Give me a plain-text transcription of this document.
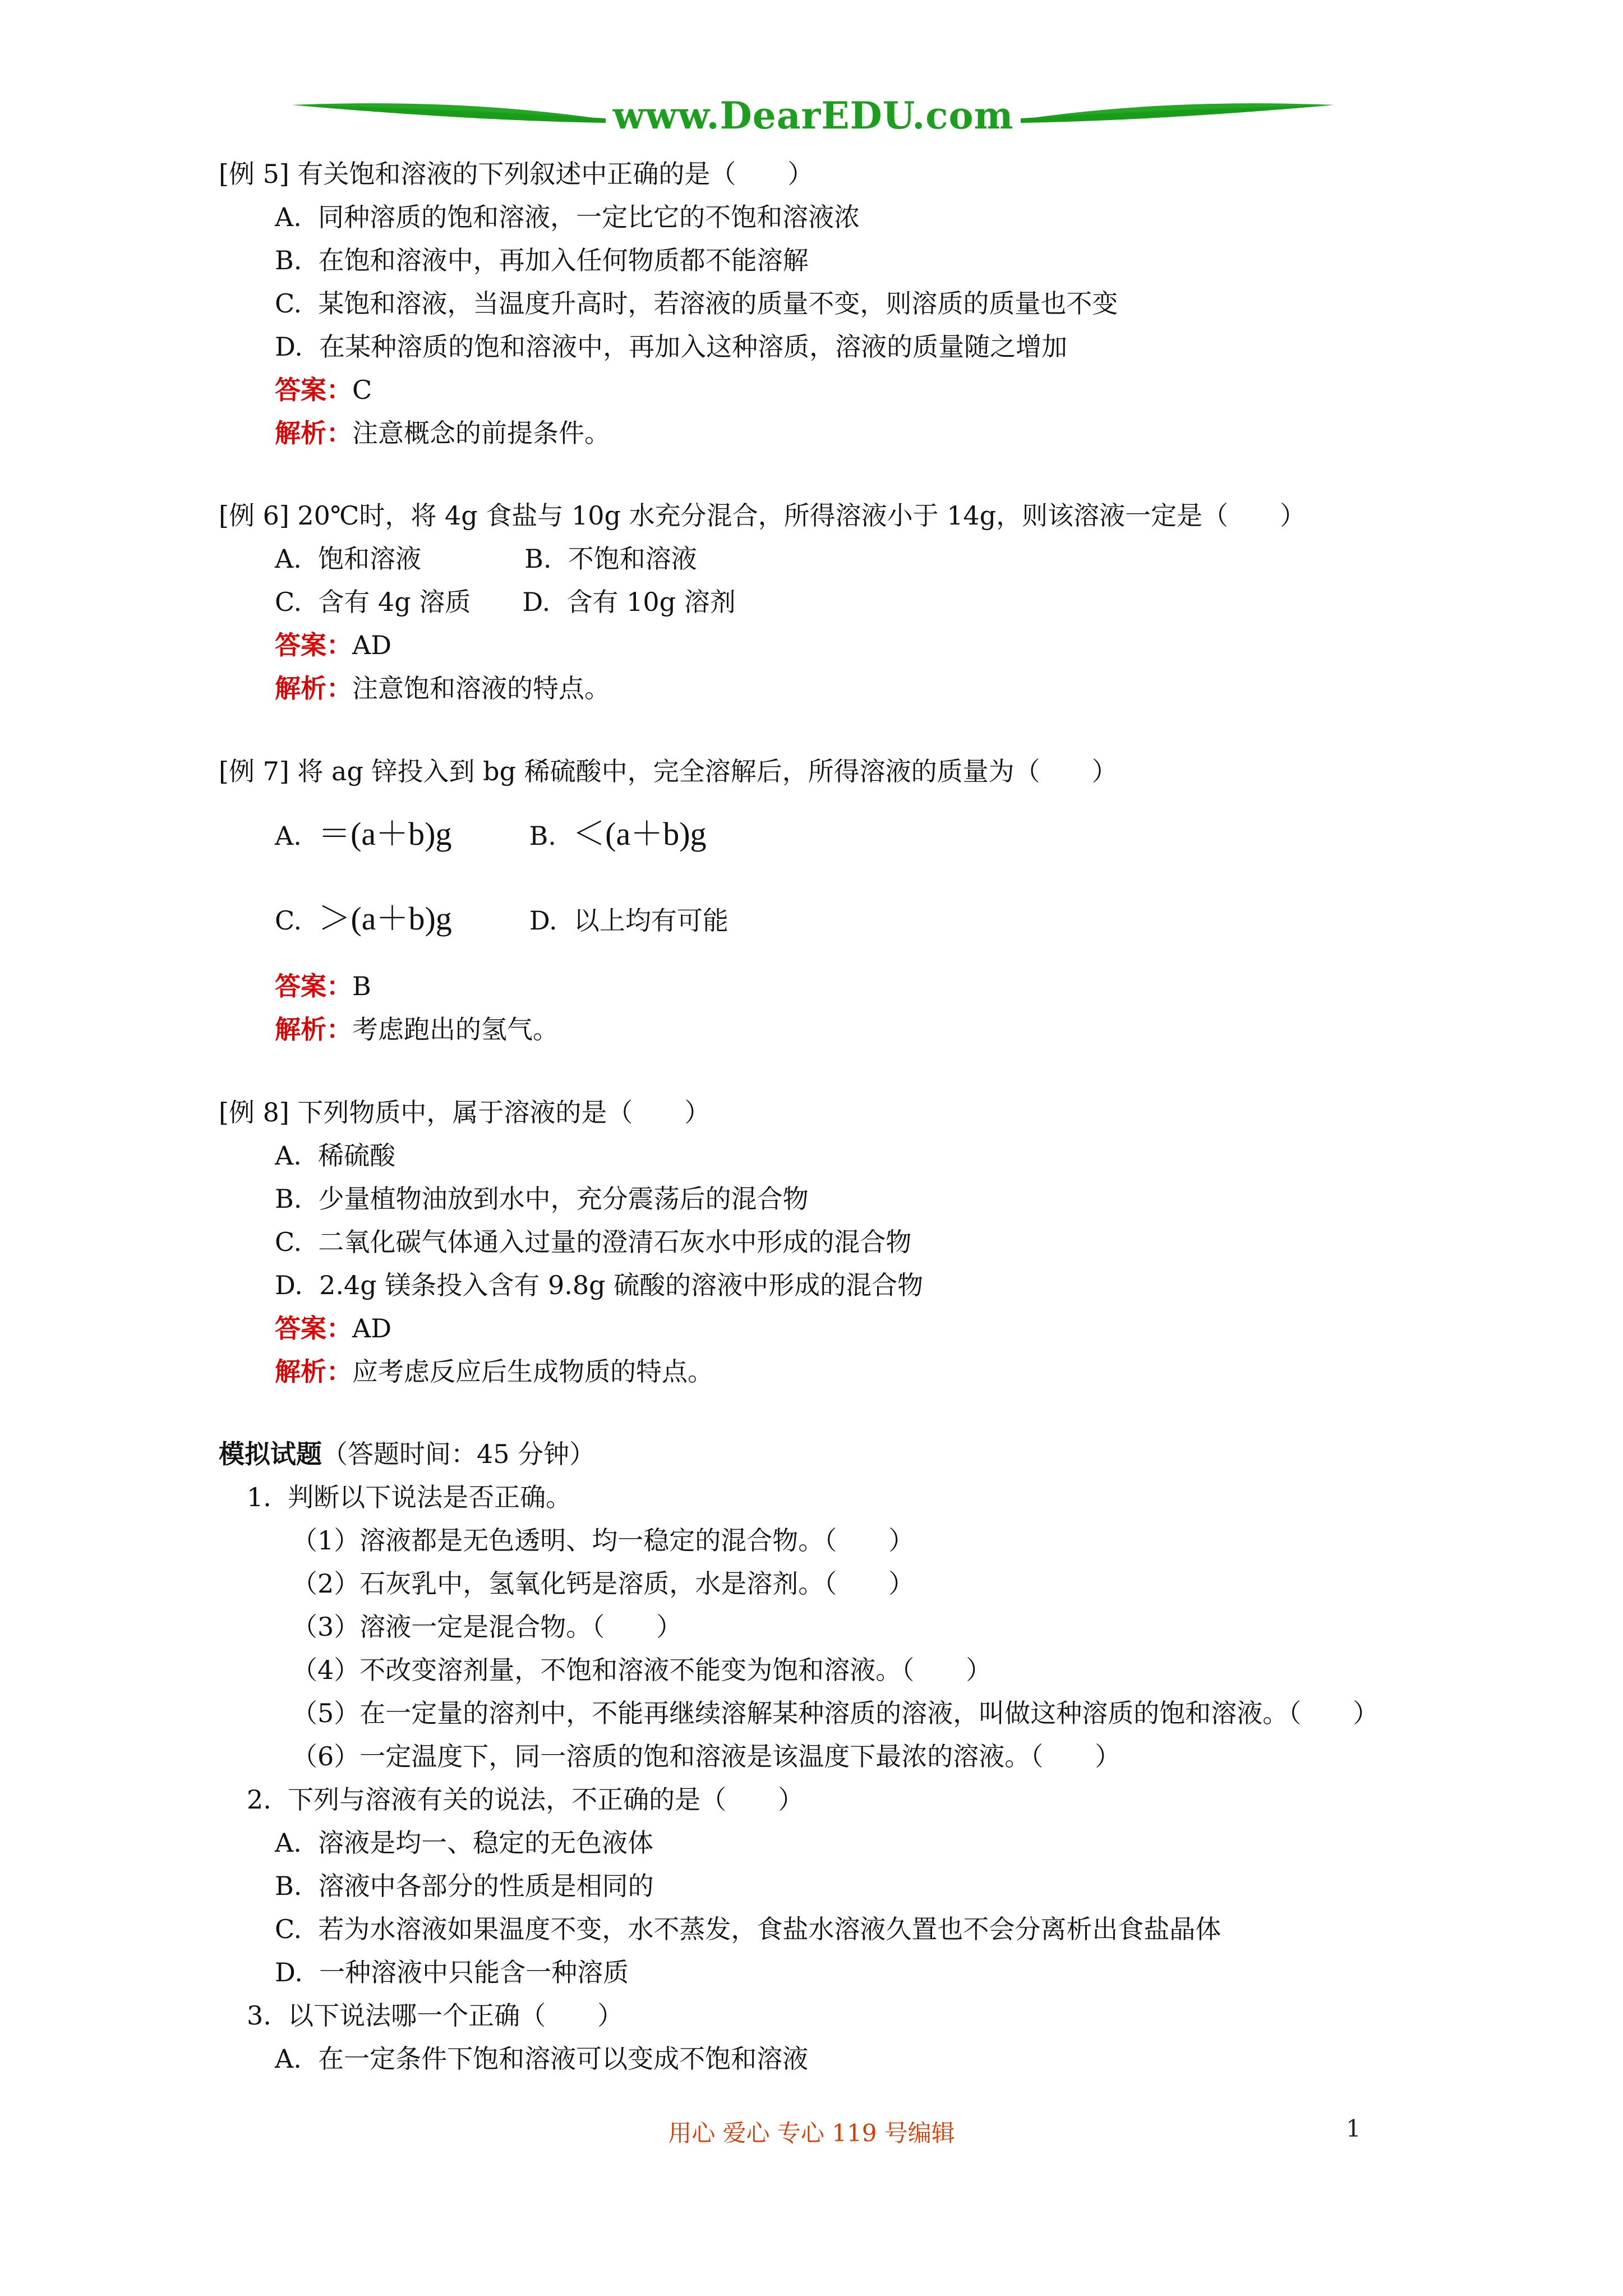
www.DearEDU.com
[例 5] 有关饱和溶液的下列叙述中正确的是（　　）
A.  同种溶质的饱和溶液，一定比它的不饱和溶液浓
B.  在饱和溶液中，再加入任何物质都不能溶解
C.  某饱和溶液，当温度升高时，若溶液的质量不变，则溶质的质量也不变
D.  在某种溶质的饱和溶液中，再加入这种溶质，溶液的质量随之增加
答案：C
解析：注意概念的前提条件。
[例 6] 20℃时，将 4g 食盐与 10g 水充分混合，所得溶液小于 14g，则该溶液一定是（　　）
A.  饱和溶液　　　　B.  不饱和溶液
C.  含有 4g 溶质　　D.  含有 10g 溶剂
答案：AD
解析：注意饱和溶液的特点。
[例 7] 将 ag 锌投入到 bg 稀硫酸中，完全溶解后，所得溶液的质量为（　　）
A.  ＝(a＋b)g　　　B.  ＜(a＋b)g
C.  ＞(a＋b)g　　　D.  以上均有可能
答案：B
解析：考虑跑出的氢气。
[例 8] 下列物质中，属于溶液的是（　　）
A.  稀硫酸
B.  少量植物油放到水中，充分震荡后的混合物
C.  二氧化碳气体通入过量的澄清石灰水中形成的混合物
D.  2.4g 镁条投入含有 9.8g 硫酸的溶液中形成的混合物
答案：AD
解析：应考虑反应后生成物质的特点。
模拟试题（答题时间：45 分钟）
1.  判断以下说法是否正确。
（1）溶液都是无色透明、均一稳定的混合物。（　　）
（2）石灰乳中，氢氧化钙是溶质，水是溶剂。（　　）
（3）溶液一定是混合物。（　　）
（4）不改变溶剂量，不饱和溶液不能变为饱和溶液。（　　）
（5）在一定量的溶剂中，不能再继续溶解某种溶质的溶液，叫做这种溶质的饱和溶液。（　　）
（6）一定温度下，同一溶质的饱和溶液是该温度下最浓的溶液。（　　）
2.  下列与溶液有关的说法，不正确的是（　　）
A.  溶液是均一、稳定的无色液体
B.  溶液中各部分的性质是相同的
C.  若为水溶液如果温度不变，水不蒸发，食盐水溶液久置也不会分离析出食盐晶体
D.  一种溶液中只能含一种溶质
3.  以下说法哪一个正确（　　）
A.  在一定条件下饱和溶液可以变成不饱和溶液
用心 爱心 专心 119 号编辑	1
